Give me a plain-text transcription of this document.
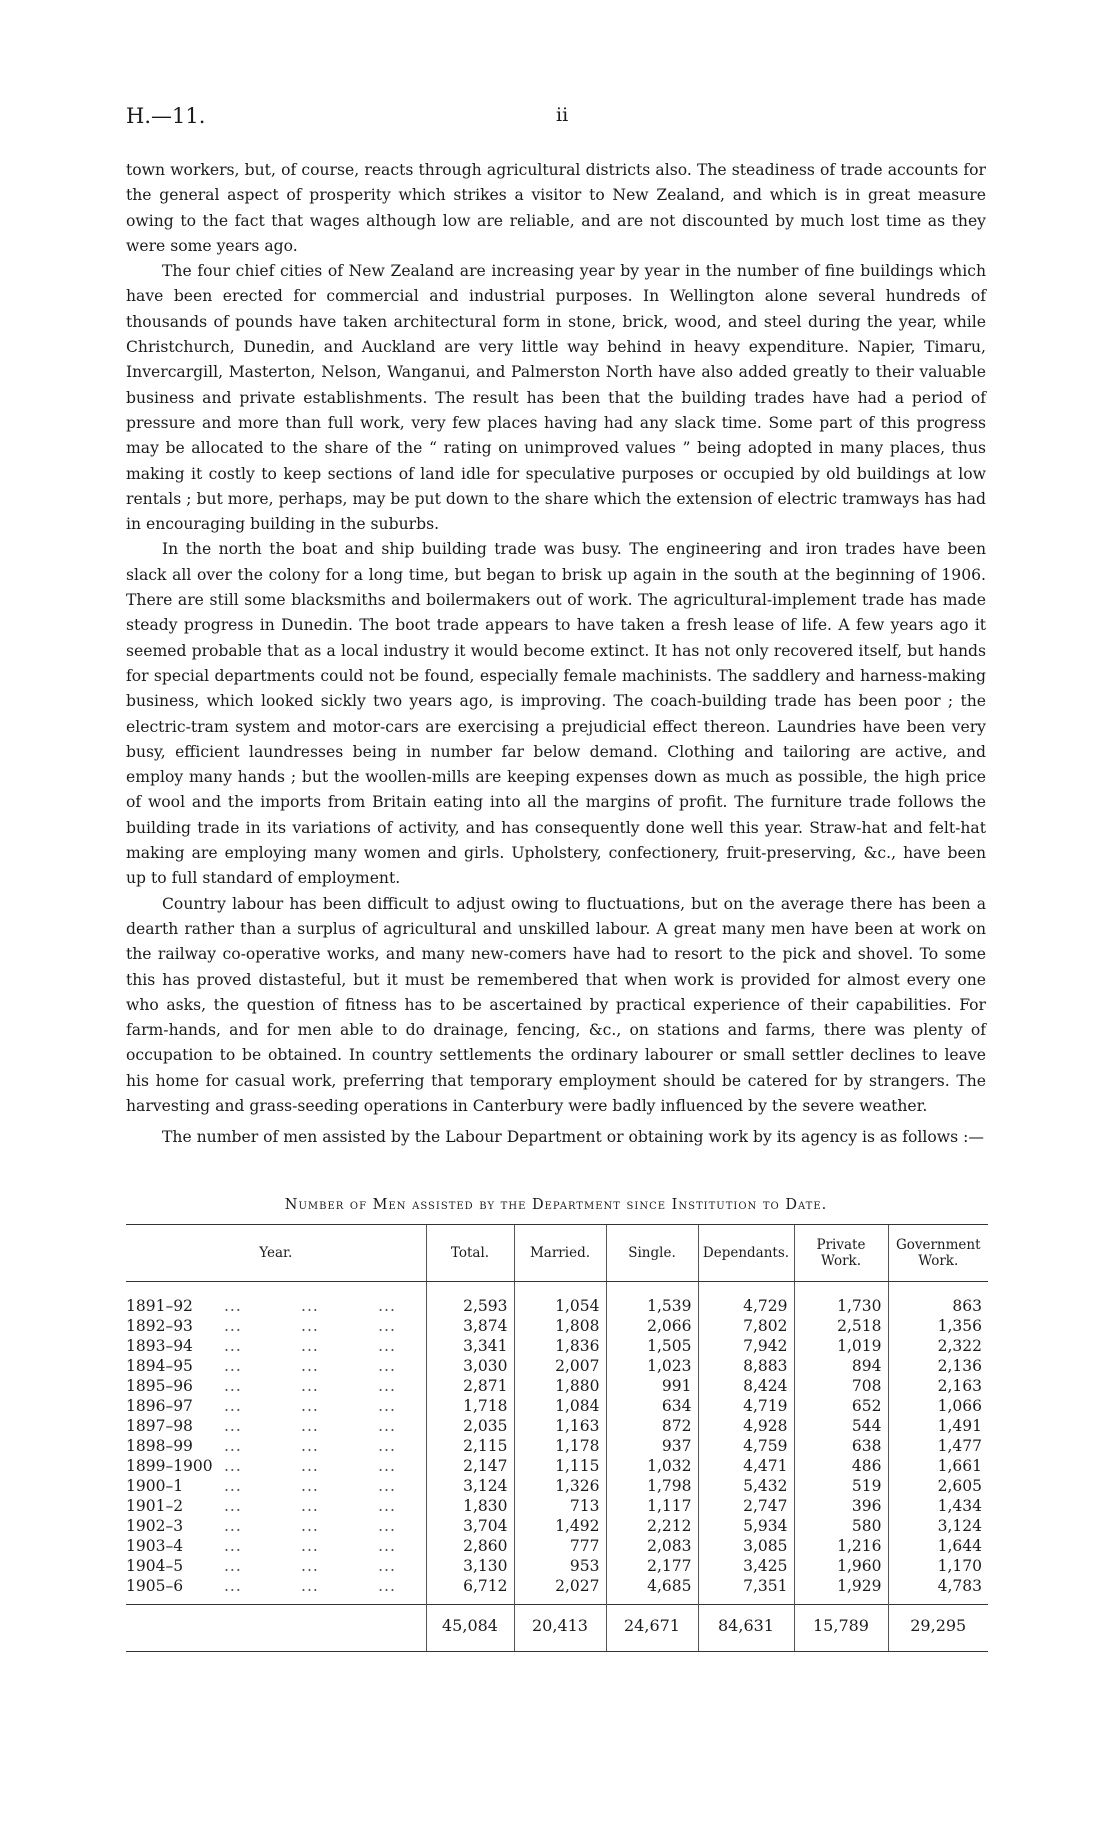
H.—11.	ii

town workers, but, of course, reacts through agricultural districts also. The steadiness of trade accounts for the general aspect of prosperity which strikes a visitor to New Zealand, and which is in great measure owing to the fact that wages although low are reliable, and are not discounted by much lost time as they were some years ago.

The four chief cities of New Zealand are increasing year by year in the number of fine buildings which have been erected for commercial and industrial purposes. In Wellington alone several hundreds of thousands of pounds have taken architectural form in stone, brick, wood, and steel during the year, while Christchurch, Dunedin, and Auckland are very little way behind in heavy expenditure. Napier, Timaru, Invercargill, Masterton, Nelson, Wanganui, and Palmerston North have also added greatly to their valuable business and private establishments. The result has been that the building trades have had a period of pressure and more than full work, very few places having had any slack time. Some part of this progress may be allocated to the share of the “ rating on unimproved values ” being adopted in many places, thus making it costly to keep sections of land idle for speculative purposes or occupied by old buildings at low rentals ; but more, perhaps, may be put down to the share which the extension of electric tramways has had in encouraging building in the suburbs.

In the north the boat and ship building trade was busy. The engineering and iron trades have been slack all over the colony for a long time, but began to brisk up again in the south at the beginning of 1906. There are still some blacksmiths and boilermakers out of work. The agricultural-implement trade has made steady progress in Dunedin. The boot trade appears to have taken a fresh lease of life. A few years ago it seemed probable that as a local industry it would become extinct. It has not only recovered itself, but hands for special departments could not be found, especially female machinists. The saddlery and harness-making business, which looked sickly two years ago, is improving. The coach-building trade has been poor ; the electric-tram system and motor-cars are exercising a prejudicial effect thereon. Laundries have been very busy, efficient laundresses being in number far below demand. Clothing and tailoring are active, and employ many hands ; but the woollen-mills are keeping expenses down as much as possible, the high price of wool and the imports from Britain eating into all the margins of profit. The furniture trade follows the building trade in its variations of activity, and has consequently done well this year. Straw-hat and felt-hat making are employing many women and girls. Upholstery, confectionery, fruit-preserving, &c., have been up to full standard of employment.

Country labour has been difficult to adjust owing to fluctuations, but on the average there has been a dearth rather than a surplus of agricultural and unskilled labour. A great many men have been at work on the railway co-operative works, and many new-comers have had to resort to the pick and shovel. To some this has proved distasteful, but it must be remembered that when work is provided for almost every one who asks, the question of fitness has to be ascertained by practical experience of their capabilities. For farm-hands, and for men able to do drainage, fencing, &c., on stations and farms, there was plenty of occupation to be obtained. In country settlements the ordinary labourer or small settler declines to leave his home for casual work, preferring that temporary employment should be catered for by strangers. The harvesting and grass-seeding operations in Canterbury were badly influenced by the severe weather.

The number of men assisted by the Labour Department or obtaining work by its agency is as follows :—

Number of Men assisted by the Department since Institution to Date.
Year.	Total.	Married.	Single.	Dependants.	Private Work.	Government Work.
1891–92 ...          ...          ...	2,593	1,054	1,539	4,729	1,730	863
1892–93 ...          ...          ...	3,874	1,808	2,066	7,802	2,518	1,356
1893–94 ...          ...          ...	3,341	1,836	1,505	7,942	1,019	2,322
1894–95 ...          ...          ...	3,030	2,007	1,023	8,883	894	2,136
1895–96 ...          ...          ...	2,871	1,880	991	8,424	708	2,163
1896–97 ...          ...          ...	1,718	1,084	634	4,719	652	1,066
1897–98 ...          ...          ...	2,035	1,163	872	4,928	544	1,491
1898–99 ...          ...          ...	2,115	1,178	937	4,759	638	1,477
1899–1900 ...          ...          ...	2,147	1,115	1,032	4,471	486	1,661
1900–1 ...          ...          ...	3,124	1,326	1,798	5,432	519	2,605
1901–2 ...          ...          ...	1,830	713	1,117	2,747	396	1,434
1902–3 ...          ...          ...	3,704	1,492	2,212	5,934	580	3,124
1903–4 ...          ...          ...	2,860	777	2,083	3,085	1,216	1,644
1904–5 ...          ...          ...	3,130	953	2,177	3,425	1,960	1,170
1905–6 ...          ...          ...	6,712	2,027	4,685	7,351	1,929	4,783
	45,084	20,413	24,671	84,631	15,789	29,295
